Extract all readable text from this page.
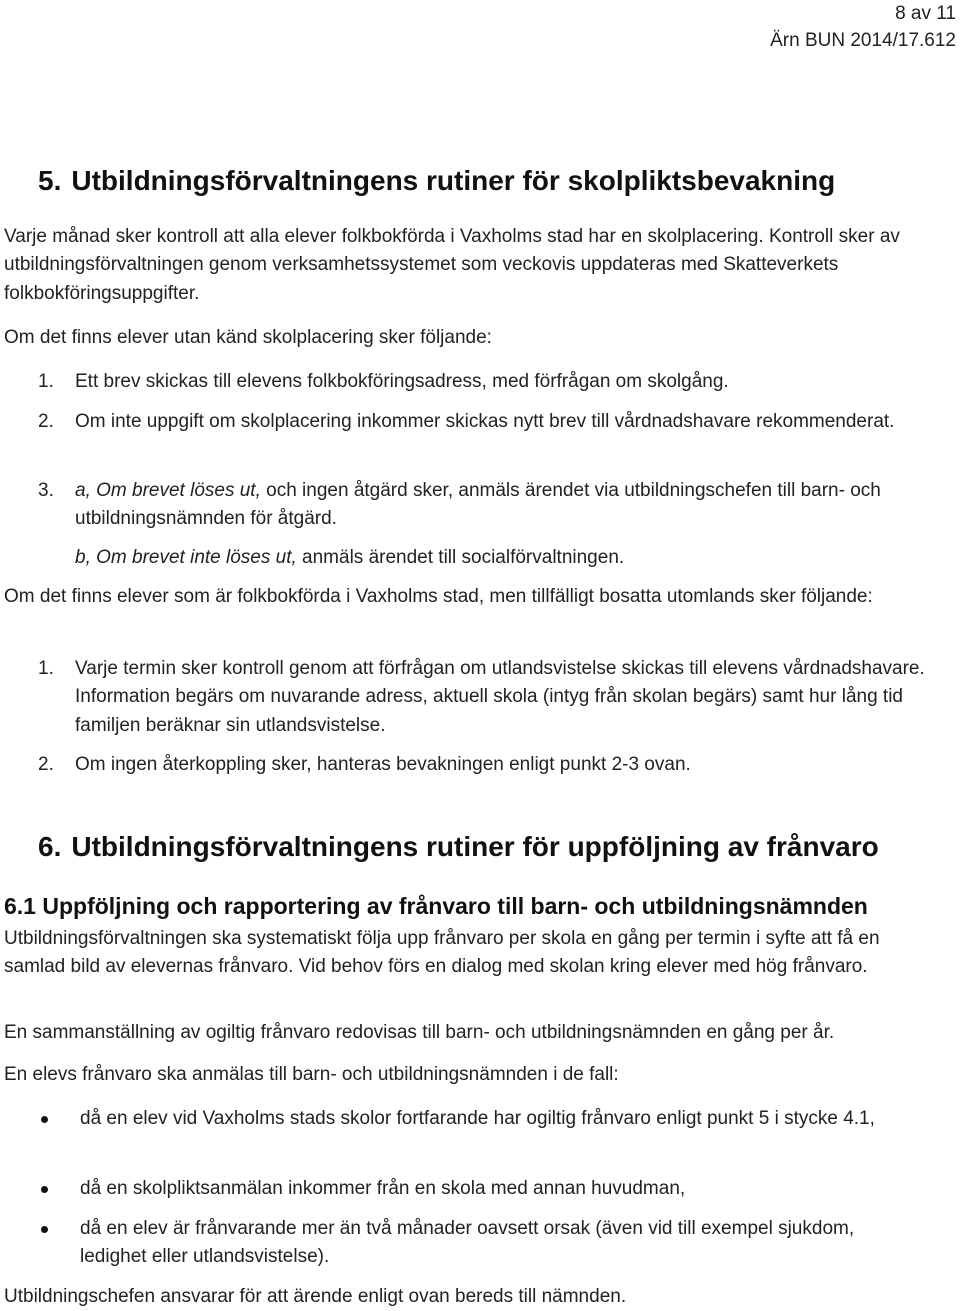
8 av 11
Ärn BUN 2014/17.612
5. Utbildningsförvaltningens rutiner för skolpliktsbevakning

Varje månad sker kontroll att alla elever folkbokförda i Vaxholms stad har en skolplacering. Kontroll sker av utbildningsförvaltningen genom verksamhetssystemet som veckovis uppdateras med Skatteverkets folkbokföringsuppgifter.

Om det finns elever utan känd skolplacering sker följande:

1. Ett brev skickas till elevens folkbokföringsadress, med förfrågan om skolgång.
2. Om inte uppgift om skolplacering inkommer skickas nytt brev till vårdnadshavare rekommenderat.
3. a, Om brevet löses ut, och ingen åtgärd sker, anmäls ärendet via utbildningschefen till barn- och utbildningsnämnden för åtgärd.
b, Om brevet inte löses ut, anmäls ärendet till socialförvaltningen.

Om det finns elever som är folkbokförda i Vaxholms stad, men tillfälligt bosatta utomlands sker följande:

1. Varje termin sker kontroll genom att förfrågan om utlandsvistelse skickas till elevens vårdnadshavare. Information begärs om nuvarande adress, aktuell skola (intyg från skolan begärs) samt hur lång tid familjen beräknar sin utlandsvistelse.
2. Om ingen återkoppling sker, hanteras bevakningen enligt punkt 2-3 ovan.
6. Utbildningsförvaltningens rutiner för uppföljning av frånvaro
6.1 Uppföljning och rapportering av frånvaro till barn- och utbildningsnämnden

Utbildningsförvaltningen ska systematiskt följa upp frånvaro per skola en gång per termin i syfte att få en samlad bild av elevernas frånvaro. Vid behov förs en dialog med skolan kring elever med hög frånvaro.

En sammanställning av ogiltig frånvaro redovisas till barn- och utbildningsnämnden en gång per år.

En elevs frånvaro ska anmälas till barn- och utbildningsnämnden i de fall:

då en elev vid Vaxholms stads skolor fortfarande har ogiltig frånvaro enligt punkt 5 i stycke 4.1,
då en skolpliktsanmälan inkommer från en skola med annan huvudman,
då en elev är frånvarande mer än två månader oavsett orsak (även vid till exempel sjukdom, ledighet eller utlandsvistelse).

Utbildningschefen ansvarar för att ärende enligt ovan bereds till nämnden.
